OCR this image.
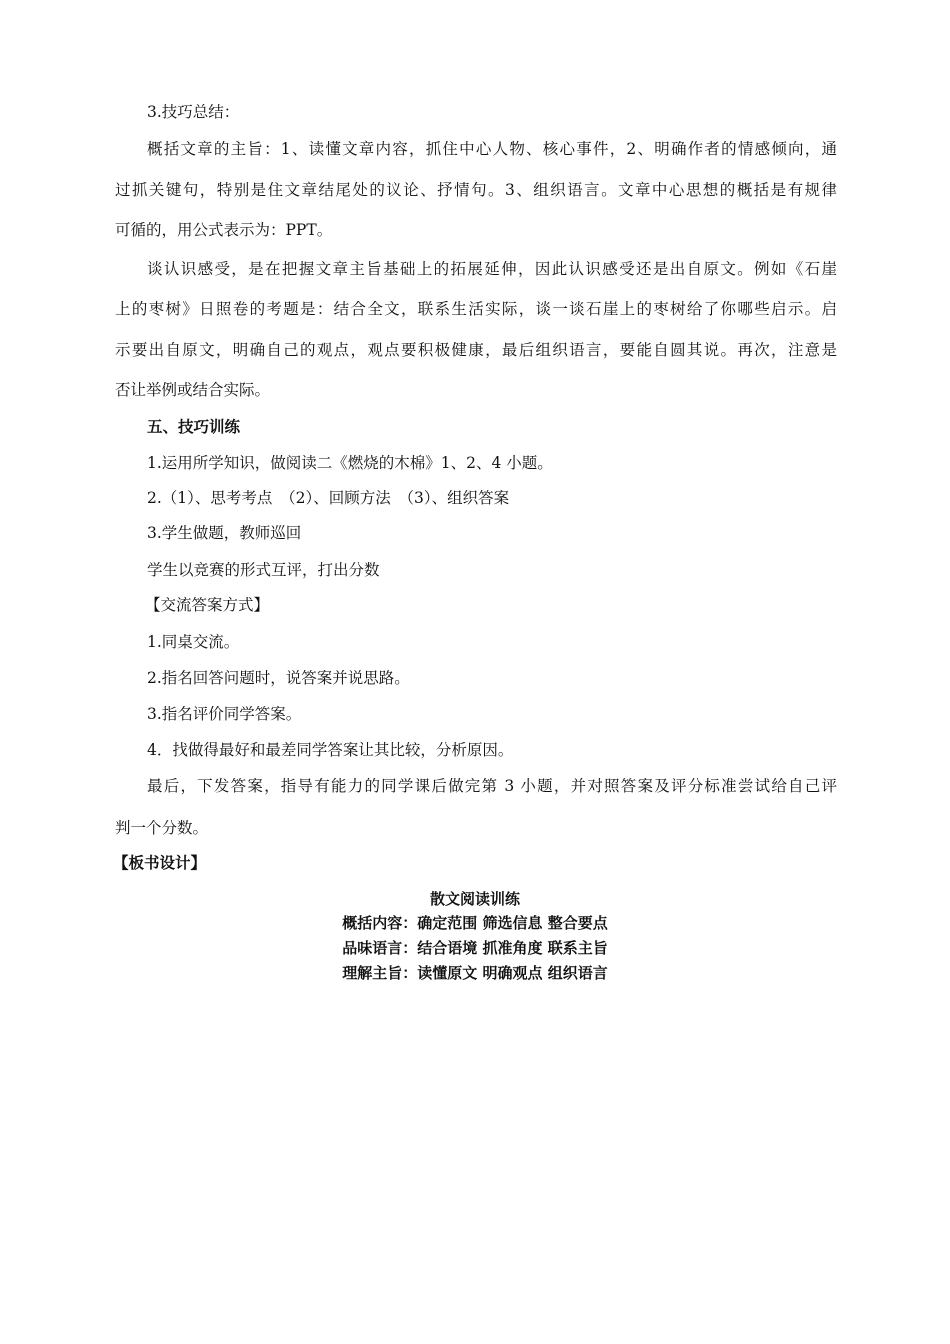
3.技巧总结：
概括文章的主旨：1、读懂文章内容，抓住中心人物、核心事件，2、明确作者的情感倾向，通
过抓关键句，特别是住文章结尾处的议论、抒情句。3、组织语言。文章中心思想的概括是有规律
可循的，用公式表示为：PPT。
谈认识感受，是在把握文章主旨基础上的拓展延伸，因此认识感受还是出自原文。例如《石崖
上的枣树》日照卷的考题是：结合全文，联系生活实际，谈一谈石崖上的枣树给了你哪些启示。启
示要出自原文，明确自己的观点，观点要积极健康，最后组织语言，要能自圆其说。再次，注意是
否让举例或结合实际。
五、技巧训练
1.运用所学知识，做阅读二《燃烧的木棉》1、2、4 小题。
2.（1）、思考考点　（2）、回顾方法　（3）、组织答案
3.学生做题，教师巡回
学生以竞赛的形式互评，打出分数
【交流答案方式】
1.同桌交流。
2.指名回答问题时，说答案并说思路。
3.指名评价同学答案。
4．找做得最好和最差同学答案让其比较，分析原因。
最后，下发答案，指导有能力的同学课后做完第 3 小题，并对照答案及评分标准尝试给自己评
判一个分数。
【板书设计】
散文阅读训练
概括内容：确定范围 筛选信息 整合要点
品味语言：结合语境 抓准角度 联系主旨
理解主旨：读懂原文 明确观点 组织语言
